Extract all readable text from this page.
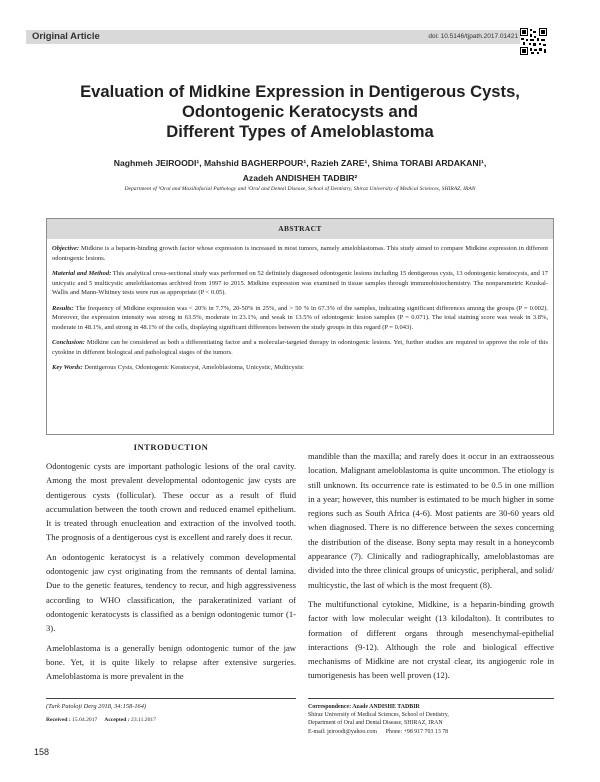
Original Article	doi: 10.5146/tjpath.2017.01421
Evaluation of Midkine Expression in Dentigerous Cysts,
Odontogenic Keratocysts and
Different Types of Ameloblastoma
Naghmeh JEIROODI¹, Mahshid BAGHERPOUR¹, Razieh ZARE¹, Shima TORABI ARDAKANI¹,
Azadeh ANDISHEH TADBIR²
Department of ¹Oral and Maxillofacial Pathology and ²Oral and Dental Disease, School of Dentistry, Shiraz University of Medical Sciences, SHIRAZ, IRAN
ABSTRACT

Objective: Midkine is a heparin-binding growth factor whose expression is increased in most tumors, namely ameloblastomas. This study aimed to compare Midkine expression in different odontogenic lesions.

Material and Method: This analytical cross-sectional study was performed on 52 definitely diagnosed odontogenic lesions including 15 dentigerous cysts, 13 odontogenic keratocysts, and 17 unicystic and 5 multicystic ameloblastomas archived from 1997 to 2015. Midkine expression was examined in tissue samples through immunohistochemistry. The nonparametric Kruskal-Wallis and Mann-Whitney tests were run as appropriate (P < 0.05).

Results: The frequency of Midkine expression was < 20% in 7.7%, 20-50% in 25%, and > 50 % in 67.3% of the samples, indicating significant differences among the groups (P = 0.002). Moreover, the expression intensity was strong in 63.5%, moderate in 23.1%, and weak in 13.5% of odontogenic lesion samples (P = 0.071). The total staining score was weak in 3.8%, moderate in 48.1%, and strong in 48.1% of the cells, displaying significant differences between the study groups in this regard (P = 0.043).

Conclusion: Midkine can be considered as both a differentiating factor and a molecular-targeted therapy in odontogenic lesions. Yet, further studies are required to approve the role of this cytokine in different biological and pathological stages of the tumors.

Key Words: Dentigerous Cysts, Odontogenic Keratocyst, Ameloblastoma, Unicystic, Multicystic

INTRODUCTION

Odontogenic cysts are important pathologic lesions of the oral cavity. Among the most prevalent developmental odontogenic jaw cysts are dentigerous cysts (follicular). These occur as a result of fluid accumulation between the tooth crown and reduced enamel epithelium. It is treated through enucleation and extraction of the involved tooth. The prognosis of a dentigerous cyst is excellent and rarely does it recur.

An odontogenic keratocyst is a relatively common developmental odontogenic jaw cyst originating from the remnants of dental lamina. Due to the genetic features, tendency to recur, and high aggressiveness according to WHO classification, the parakeratinized variant of odontogenic keratocysts is classified as a benign odontogenic tumor (1-3).

Ameloblastoma is a generally benign odontogenic tumor of the jaw bone. Yet, it is quite likely to relapse after extensive surgeries. Ameloblastoma is more prevalent in the

mandible than the maxilla; and rarely does it occur in an extraosseous location. Malignant ameloblastoma is quite uncommon. The etiology is still unknown. Its occurrence rate is estimated to be 0.5 in one million in a year; however, this number is estimated to be much higher in some regions such as South Africa (4-6). Most patients are 30-60 years old when diagnosed. There is no difference between the sexes concerning the distribution of the disease. Bony septa may result in a honeycomb appearance (7). Clinically and radiographically, ameloblastomas are divided into the three clinical groups of unicystic, peripheral, and solid/ multicystic, the last of which is the most frequent (8).

The multifunctional cytokine, Midkine, is a heparin-binding growth factor with low molecular weight (13 kilodalton). It contributes to formation of different organs through mesenchymal-epithelial interactions (9-12). Although the role and biological effective mechanisms of Midkine are not crystal clear, its angiogenic role in tumorigenesis has been well proven (12).

(Turk Patoloji Derg 2018, 34:158-164)
Received : 15.04.2017 Accepted : 23.11.2017
Correspondence: Azade ANDISHE TADBIR
Shiraz University of Medical Sciences, School of Dentistry,
Department of Oral and Dental Disease, SHIRAZ, IRAN
E-mail: jeiroodi@yahoo.com      Phone: +98 917 703 13 78
158
